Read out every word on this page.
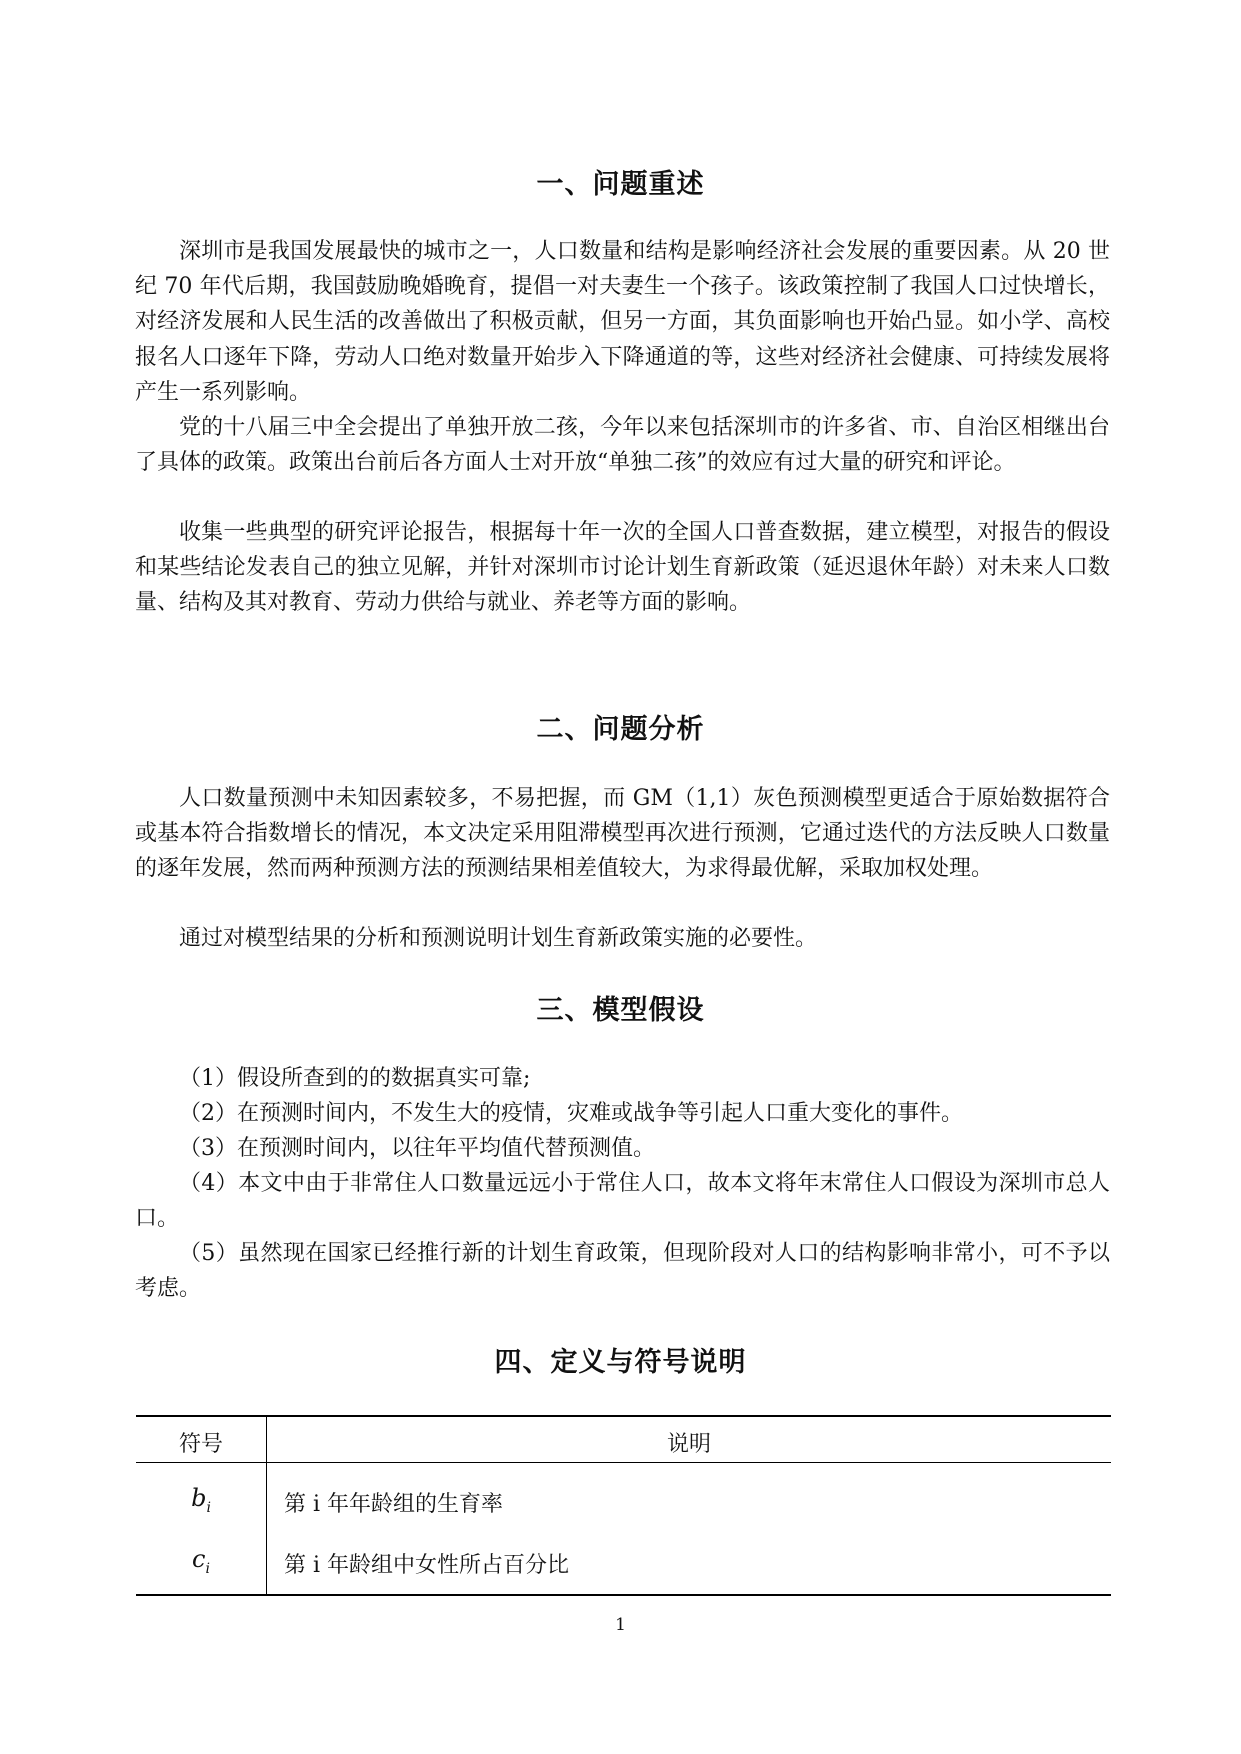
一、问题重述
深圳市是我国发展最快的城市之一，人口数量和结构是影响经济社会发展的重要因素。从 20 世纪 70 年代后期，我国鼓励晚婚晚育，提倡一对夫妻生一个孩子。该政策控制了我国人口过快增长，对经济发展和人民生活的改善做出了积极贡献，但另一方面，其负面影响也开始凸显。如小学、高校报名人口逐年下降，劳动人口绝对数量开始步入下降通道的等，这些对经济社会健康、可持续发展将产生一系列影响。
党的十八届三中全会提出了单独开放二孩，今年以来包括深圳市的许多省、市、自治区相继出台了具体的政策。政策出台前后各方面人士对开放“单独二孩”的效应有过大量的研究和评论。
收集一些典型的研究评论报告，根据每十年一次的全国人口普查数据，建立模型，对报告的假设和某些结论发表自己的独立见解，并针对深圳市讨论计划生育新政策（延迟退休年龄）对未来人口数量、结构及其对教育、劳动力供给与就业、养老等方面的影响。
二、问题分析
人口数量预测中未知因素较多，不易把握，而 GM（1,1）灰色预测模型更适合于原始数据符合或基本符合指数增长的情况，本文决定采用阻滞模型再次进行预测，它通过迭代的方法反映人口数量的逐年发展，然而两种预测方法的预测结果相差值较大，为求得最优解，采取加权处理。
通过对模型结果的分析和预测说明计划生育新政策实施的必要性。
三、模型假设
（1）假设所查到的的数据真实可靠;
（2）在预测时间内，不发生大的疫情，灾难或战争等引起人口重大变化的事件。
（3）在预测时间内，以往年平均值代替预测值。
（4）本文中由于非常住人口数量远远小于常住人口，故本文将年末常住人口假设为深圳市总人口。
（5）虽然现在国家已经推行新的计划生育政策，但现阶段对人口的结构影响非常小，可不予以考虑。
四、定义与符号说明
符号	说明
$b_i$	第 i 年年龄组的生育率
$c_i$	第 i 年龄组中女性所占百分比
1
